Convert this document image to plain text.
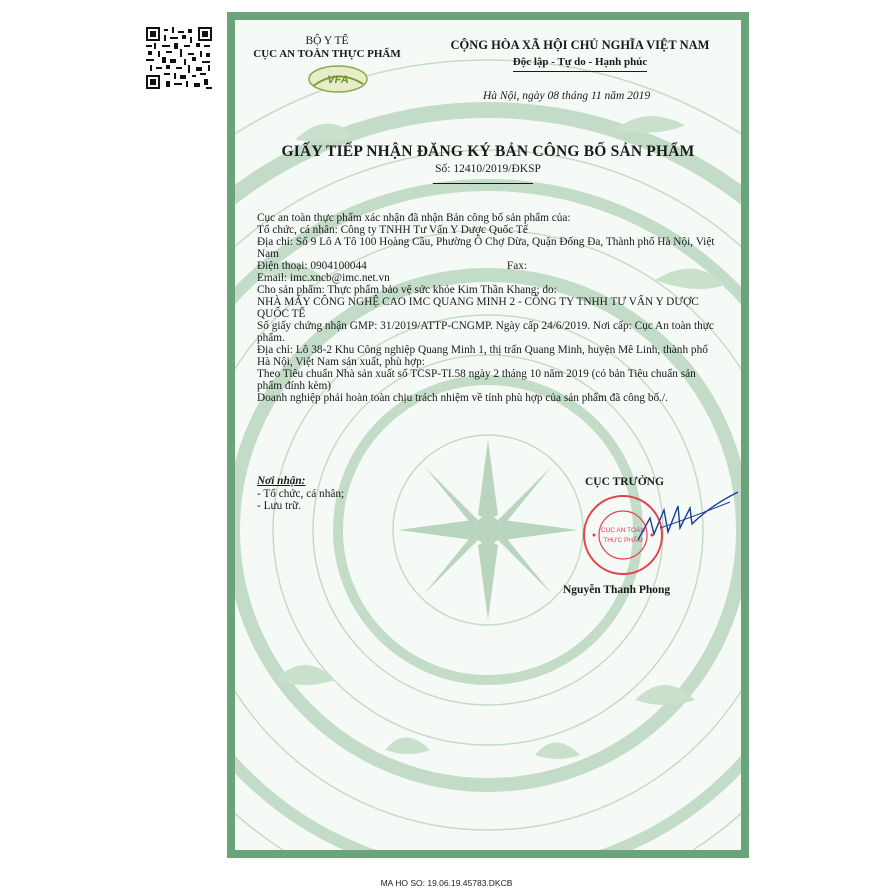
BỘ Y TẾ
CỤC AN TOÀN THỰC PHẨM
VFA
CỘNG HÒA XÃ HỘI CHỦ NGHĨA VIỆT NAM
Độc lập - Tự do - Hạnh phúc
Hà Nội, ngày 08 tháng 11 năm 2019
GIẤY TIẾP NHẬN ĐĂNG KÝ BẢN CÔNG BỐ SẢN PHẨM
Số: 12410/2019/ĐKSP

Cục an toàn thực phẩm xác nhận đã nhận Bản công bố sản phẩm của:

Tổ chức, cá nhân: Công ty TNHH Tư Vấn Y Dược Quốc Tế

Địa chỉ: Số 9 Lô A Tô 100 Hoàng Cầu, Phường Ô Chợ Dừa, Quận Đống Đa, Thành phố Hà Nội, Việt Nam

Điện thoại: 0904100044	Fax:

Email: imc.xncb@imc.net.vn

Cho sản phẩm: Thực phẩm bảo vệ sức khỏe Kim Thần Khang; do:

NHÀ MÁY CÔNG NGHỆ CAO IMC QUANG MINH 2 - CÔNG TY TNHH TƯ VẤN Y DƯỢC QUỐC TẾ

Số giấy chứng nhận GMP: 31/2019/ATTP-CNGMP. Ngày cấp 24/6/2019. Nơi cấp: Cục An toàn thực phẩm.

Địa chỉ: Lô 38-2 Khu Công nghiệp Quang Minh 1, thị trấn Quang Minh, huyện Mê Linh, thành phố Hà Nội, Việt Nam sản xuất, phù hợp:

Theo Tiêu chuẩn Nhà sản xuất số TCSP-TI.58 ngày 2 tháng 10 năm 2019 (có bản Tiêu chuẩn sản phẩm đính kèm)

Doanh nghiệp phải hoàn toàn chịu trách nhiệm về tính phù hợp của sản phẩm đã công bố./.

Nơi nhận:
- Tổ chức, cá nhân;
- Lưu trữ.
CỤC TRƯỞNG
CỤC AN TOÀN
THỰC PHẨM
Nguyễn Thanh Phong
MA HO SO: 19.06.19.45783.DKCB
